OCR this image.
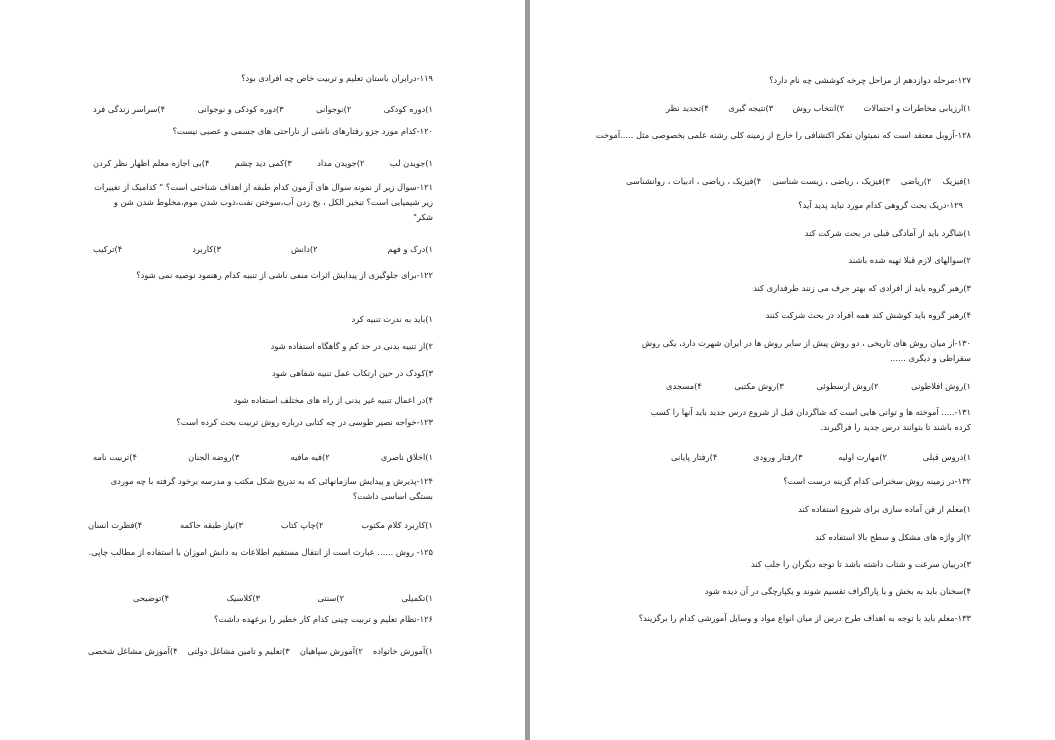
۱۱۹-درایران باستان تعلیم و تربیت خاص چه افرادی بود؟
۱)دوره کودکی
۲)نوجوانی
۳)دوره کودکی و نوجوانی
۴)سراسر زندگی فرد
۱۲۰-کدام مورد جزو رفتارهای ناشی از ناراحتی های جسمی و عصبی نیست؟
۱)جویدن لب
۲)جویدن مداد
۳)کمی دید چشم
۴)بی اجازه معلم اظهار نظر کردن
۱۲۱-سوال زیر از نمونه سوال های آزمون کدام طبقه از اهداف شناختی است؟ " کدامیک از تغییرات زیر شیمیایی است؟ تبخیر الکل ، یخ زدن آب،سوختن نفت،ذوب شدن موم،مخلوط شدن شن و شکر"
۱)درک و فهم
۲)دانش
۳)کاربرد
۴)ترکیب
۱۲۲-برای جلوگیری از پیدایش اثرات منفی ناشی از تنبیه کدام رهنمود توصیه نمی شود؟
۱)باید به ندرت تنبیه کرد
۲)از تنبیه بدنی در حد کم و گاهگاه استفاده شود
۳)کودک در حین ارتکاب عمل تنبیه شفاهی شود
۴)در اعمال تنبیه غیر بدنی از راه های مختلف استفاده شود
۱۲۳-خواجه نصیر طوسی در چه کتابی درباره روش تربیت بحث کرده است؟
۱)اخلاق ناصری
۲)فیه مافیه
۳)روضه الجنان
۴)تربیت نامه
۱۲۴-پذیرش و پیدایش سازمانهائی که به تدریج شکل مکتب و مدرسه برخود گرفته با چه موردی بستگی اساسی داشت؟
۱)کاربرد کلام مکتوب
۲)چاپ کتاب
۳)نیاز طبقه حاکمه
۴)فطرت انسان
۱۲۵- روش ...... عبارت است از انتقال مستقیم اطلاعات به دانش اموزان با استفاده از مطالب چاپی.
۱)تکمیلی
۲)سنتی
۳)کلاسیک
۴)توضیحی
۱۲۶-نظام تعلیم و تربیت چینی کدام کار خطیر را برعهده داشت؟
۱)آموزش خانواده
۲)آموزش سپاهیان
۳)تعلیم و تامین مشاغل دولتی
۴)آموزش مشاغل شخصی
۱۲۷-مرحله دوازدهم از مراحل چرخه کوششی چه نام دارد؟
۱)ارزیابی مخاطرات و احتمالات
۲)انتخاب روش
۳)نتیجه گیری
۴)تجدید نظر
۱۲۸-آزوبل معتقد است که نمیتوان تفکر اکتشافی را خارج از زمینه کلی رشته علمی بخصوصی مثل .....آموخت
۱)فیزیک
۲)ریاضی
۳)فیزیک ، ریاضی ، زیست شناسی
۴)فیزیک ، ریاضی ، ادبیات ، روانشناسی
۱۲۹-دریک بحث گروهی کدام مورد نباید پدید آید؟
۱)شاگرد باید از آمادگی قبلی در بحث شرکت کند
۲)سوالهای لازم قبلا تهیه شده باشند
۳)رهبر گروه باید از افرادی که بهتر حرف می زنند طرفداری کند
۴)رهبر گروه باید کوشش کند همه افراد در بحث شرکت کنند
۱۳۰-از میان روش های تاریخی ، دو روش پیش از سایر روش ها در ایران شهرت دارد، یکی روش سقراطی و دیگری ......
۱)روش افلاطونی
۲)روش ارسطوئی
۳)روش مکتبی
۴)مسجدی
۱۳۱-..... آموخته ها و توانی هایی است که شاگردان قبل از شروع درس جدید باید آنها را کسب کرده باشند تا بتوانند درس جدید را فراگیرند.
۱)دروس قبلی
۲)مهارت اولیه
۳)رفتار ورودی
۴)رفتار پایانی
۱۳۲-در زمینه روش سخنرانی کدام گزینه درست است؟
۱)معلم از فن آماده سازی برای شروع استفاده کند
۲)از واژه های مشکل و سطح بالا استفاده کند
۳)دربیان سرعت و شتاب داشته باشد تا توجه دیگران را جلب کند
۴)سخنان باید به بخش و یا پاراگراف تقسیم شوند و یکپارچگی در آن دیده شود
۱۳۳-معلم باید با توجه به اهداف طرح درس از میان انواع مواد و وسایل آموزشی کدام را برگزیند؟
